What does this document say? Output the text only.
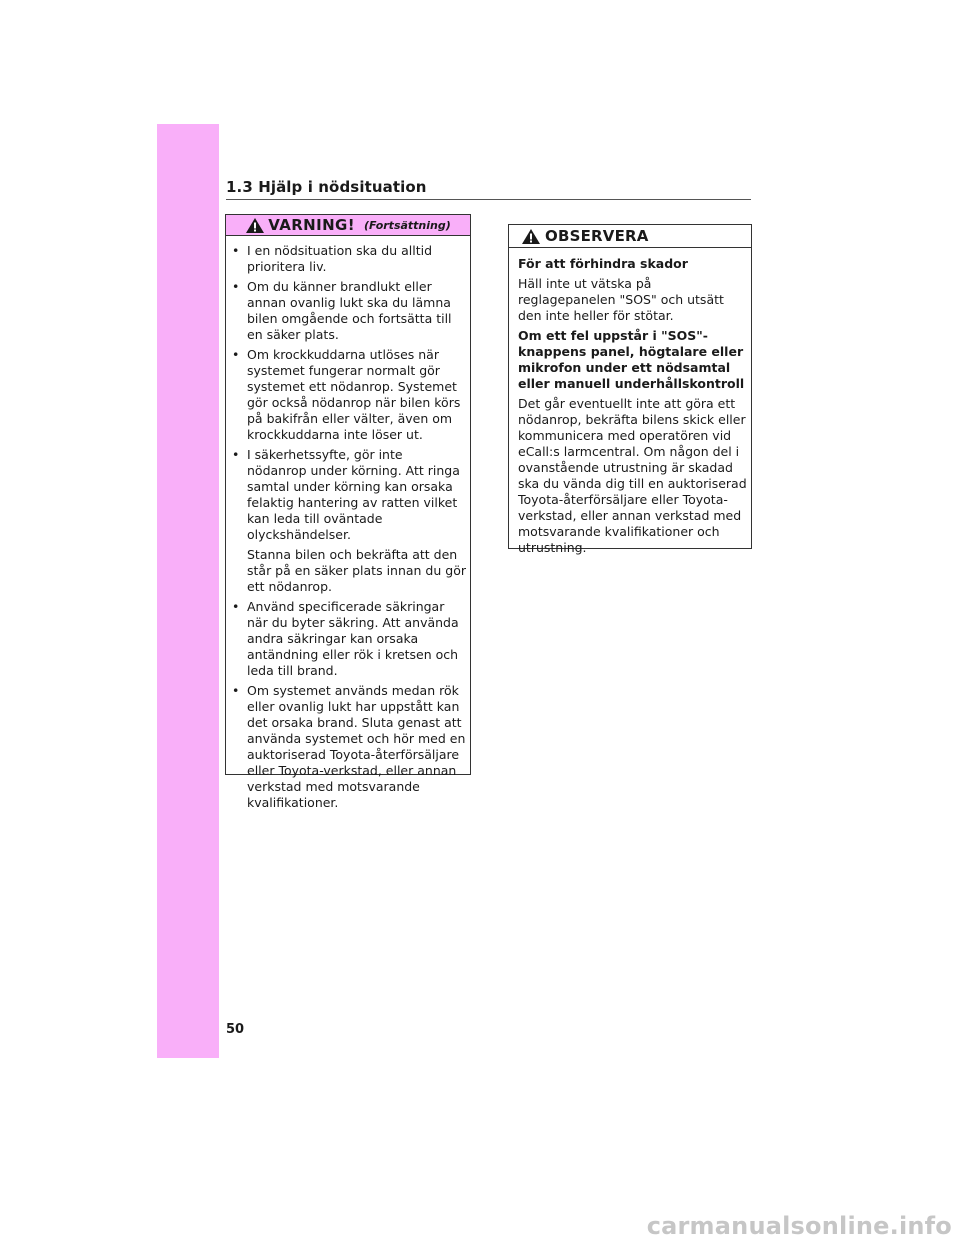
1.3 Hjälp i nödsituation
VARNING! (Fortsättning)

• I en nödsituation ska du alltid prioritera liv.

• Om du känner brandlukt eller annan ovanlig lukt ska du lämna bilen omgående och fortsätta till en säker plats.

• Om krockkuddarna utlöses när systemet fungerar normalt gör systemet ett nödanrop. Systemet gör också nödanrop när bilen körs på bakifrån eller välter, även om krockkuddarna inte löser ut.

• I säkerhetssyfte, gör inte nödanrop under körning. Att ringa samtal under körning kan orsaka felaktig hantering av ratten vilket kan leda till oväntade olyckshändelser.

Stanna bilen och bekräfta att den står på en säker plats innan du gör ett nödanrop.

• Använd specificerade säkringar när du byter säkring. Att använda andra säkringar kan orsaka antändning eller rök i kretsen och leda till brand.

• Om systemet används medan rök eller ovanlig lukt har uppstått kan det orsaka brand. Sluta genast att använda systemet och hör med en auktoriserad Toyota-återförsäljare eller Toyota-verkstad, eller annan verkstad med motsvarande kvalifikationer.

OBSERVERA

För att förhindra skador

Häll inte ut vätska på reglagepanelen "SOS" och utsätt den inte heller för stötar.

Om ett fel uppstår i "SOS"-knappens panel, högtalare eller mikrofon under ett nödsamtal eller manuell underhållskontroll

Det går eventuellt inte att göra ett nödanrop, bekräfta bilens skick eller kommunicera med operatören vid eCall:s larmcentral. Om någon del i ovanstående utrustning är skadad ska du vända dig till en auktoriserad Toyota-återförsäljare eller Toyota-verkstad, eller annan verkstad med motsvarande kvalifikationer och utrustning.

50
carmanualsonline.info
